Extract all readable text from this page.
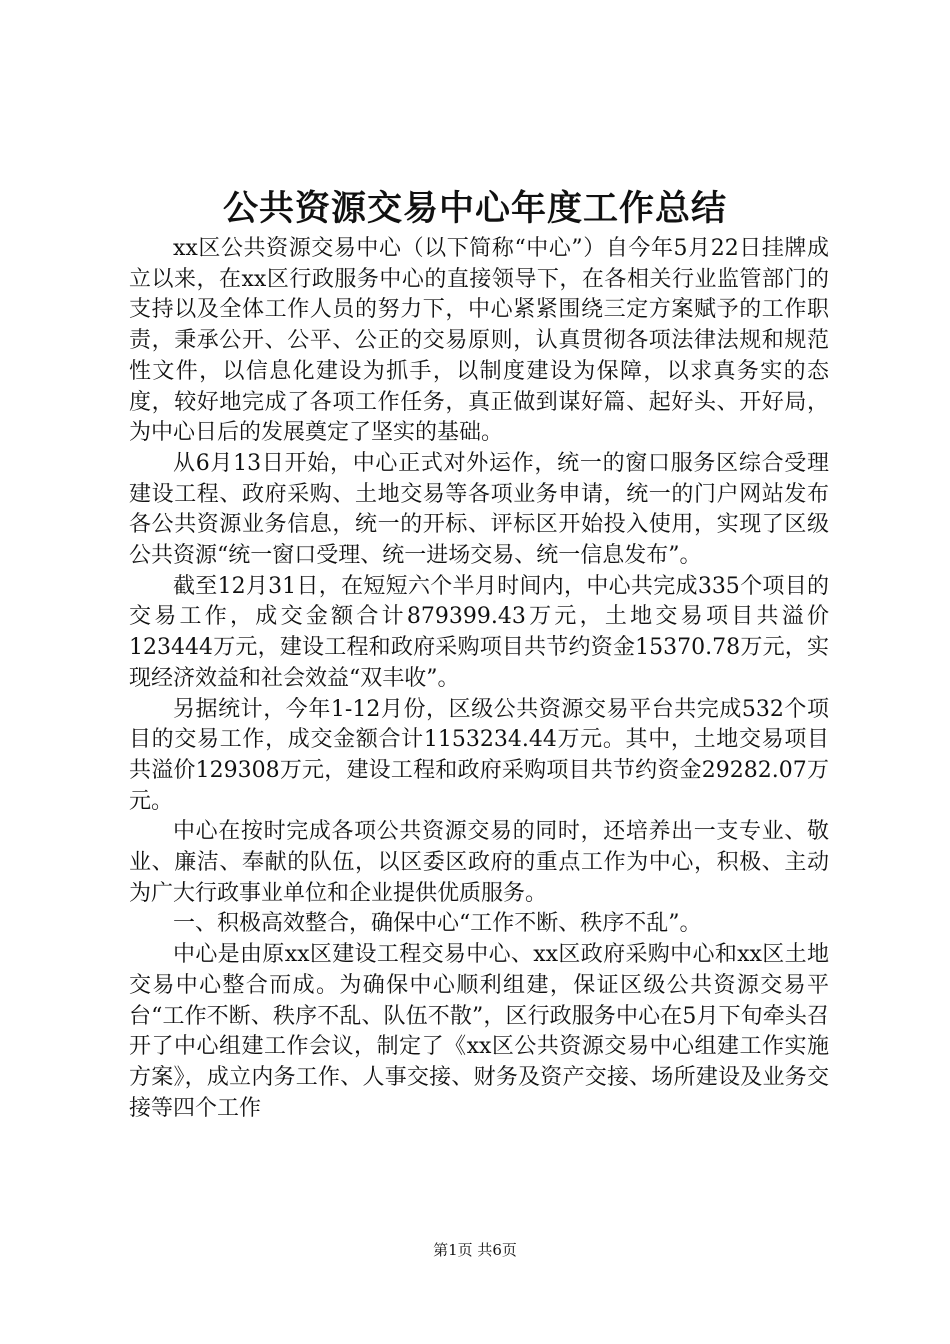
公共资源交易中心年度工作总结

xx区公共资源交易中心（以下简称“中心”）自今年5月22日挂牌成立以来，在xx区行政服务中心的直接领导下，在各相关行业监管部门的支持以及全体工作人员的努力下，中心紧紧围绕三定方案赋予的工作职责，秉承公开、公平、公正的交易原则，认真贯彻各项法律法规和规范性文件，以信息化建设为抓手，以制度建设为保障，以求真务实的态度，较好地完成了各项工作任务，真正做到谋好篇、起好头、开好局，为中心日后的发展奠定了坚实的基础。

从6月13日开始，中心正式对外运作，统一的窗口服务区综合受理建设工程、政府采购、土地交易等各项业务申请，统一的门户网站发布各公共资源业务信息，统一的开标、评标区开始投入使用，实现了区级公共资源“统一窗口受理、统一进场交易、统一信息发布”。

截至12月31日，在短短六个半月时间内，中心共完成335个项目的交易工作，成交金额合计879399.43万元，土地交易项目共溢价123444万元，建设工程和政府采购项目共节约资金15370.78万元，实现经济效益和社会效益“双丰收”。

另据统计，今年1-12月份，区级公共资源交易平台共完成532个项目的交易工作，成交金额合计1153234.44万元。其中，土地交易项目共溢价129308万元，建设工程和政府采购项目共节约资金29282.07万元。

中心在按时完成各项公共资源交易的同时，还培养出一支专业、敬业、廉洁、奉献的队伍，以区委区政府的重点工作为中心，积极、主动为广大行政事业单位和企业提供优质服务。

一、积极高效整合，确保中心“工作不断、秩序不乱”。

中心是由原xx区建设工程交易中心、xx区政府采购中心和xx区土地交易中心整合而成。为确保中心顺利组建，保证区级公共资源交易平台“工作不断、秩序不乱、队伍不散”，区行政服务中心在5月下旬牵头召开了中心组建工作会议，制定了《xx区公共资源交易中心组建工作实施方案》，成立内务工作、人事交接、财务及资产交接、场所建设及业务交接等四个工作

第1页 共6页
